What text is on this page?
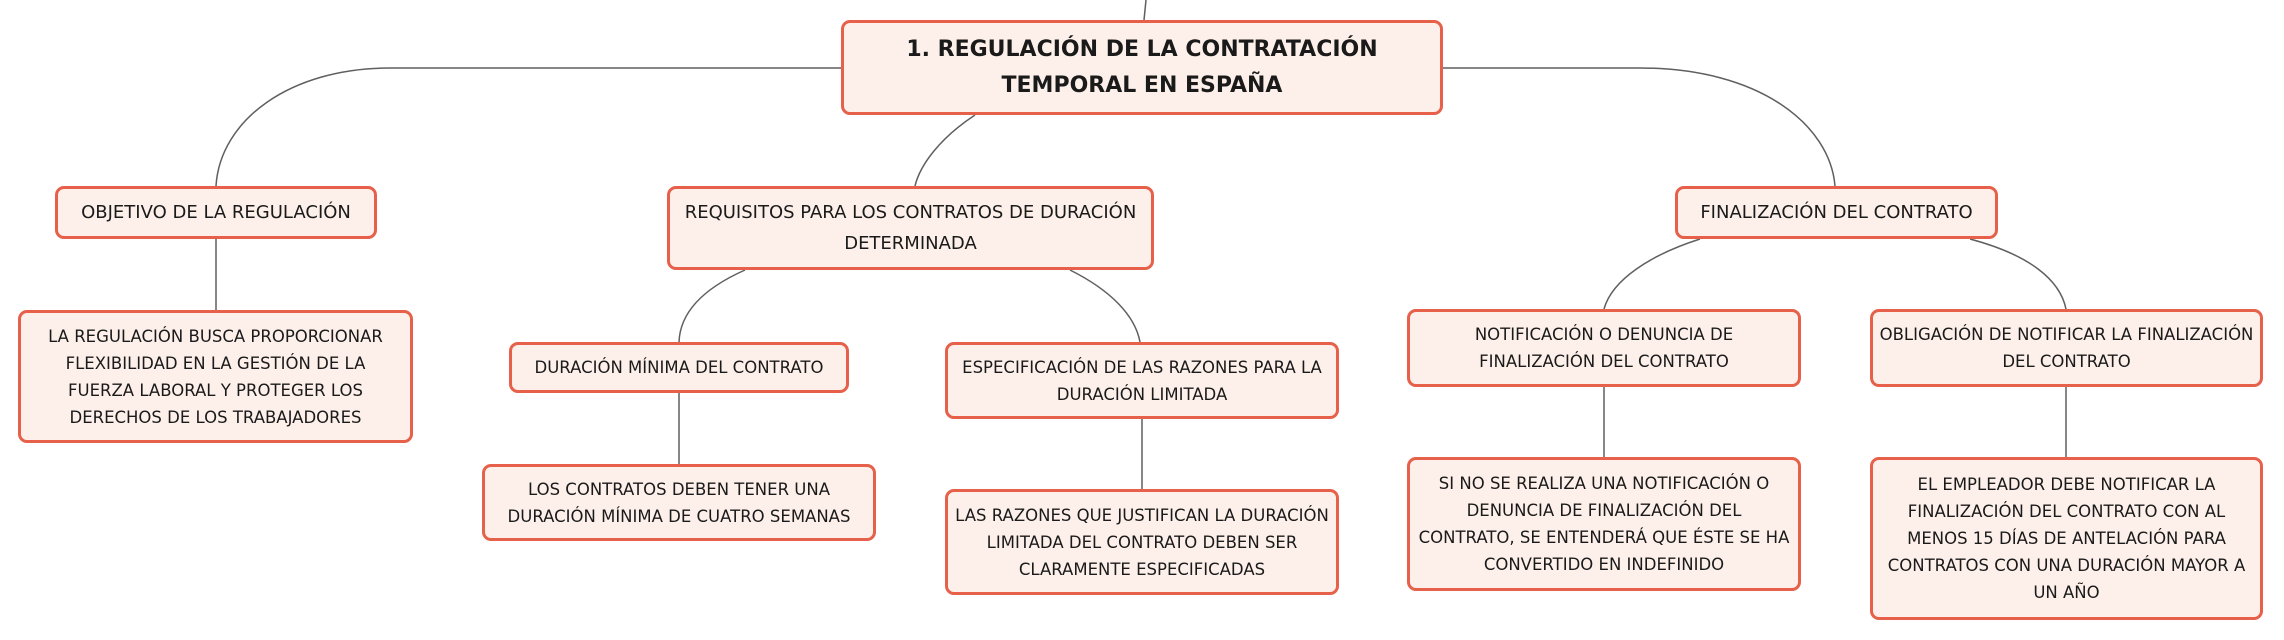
1. REGULACIÓN DE LA CONTRATACIÓN TEMPORAL EN ESPAÑA
OBJETIVO DE LA REGULACIÓN
LA REGULACIÓN BUSCA PROPORCIONAR FLEXIBILIDAD EN LA GESTIÓN DE LA FUERZA LABORAL Y PROTEGER LOS DERECHOS DE LOS TRABAJADORES
REQUISITOS PARA LOS CONTRATOS DE DURACIÓN DETERMINADA
DURACIÓN MÍNIMA DEL CONTRATO
LOS CONTRATOS DEBEN TENER UNA DURACIÓN MÍNIMA DE CUATRO SEMANAS
ESPECIFICACIÓN DE LAS RAZONES PARA LA DURACIÓN LIMITADA
LAS RAZONES QUE JUSTIFICAN LA DURACIÓN LIMITADA DEL CONTRATO DEBEN SER CLARAMENTE ESPECIFICADAS
FINALIZACIÓN DEL CONTRATO
NOTIFICACIÓN O DENUNCIA DE FINALIZACIÓN DEL CONTRATO
SI NO SE REALIZA UNA NOTIFICACIÓN O DENUNCIA DE FINALIZACIÓN DEL CONTRATO, SE ENTENDERÁ QUE ÉSTE SE HA CONVERTIDO EN INDEFINIDO
OBLIGACIÓN DE NOTIFICAR LA FINALIZACIÓN DEL CONTRATO
EL EMPLEADOR DEBE NOTIFICAR LA FINALIZACIÓN DEL CONTRATO CON AL MENOS 15 DÍAS DE ANTELACIÓN PARA CONTRATOS CON UNA DURACIÓN MAYOR A UN AÑO
